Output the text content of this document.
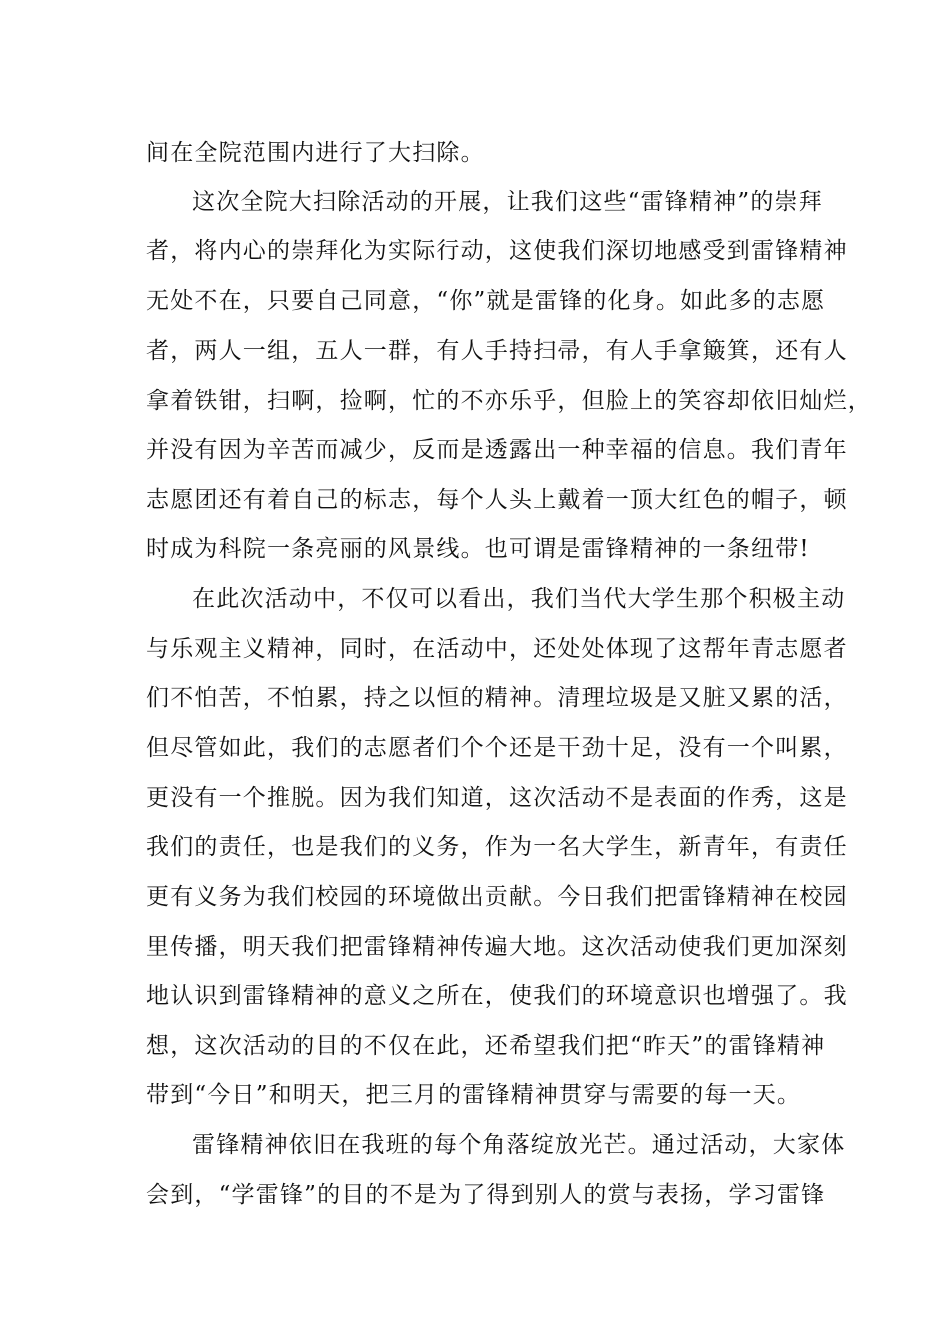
间在全院范围内进行了大扫除。
这次全院大扫除活动的开展，让我们这些“雷锋精神”的崇拜
者，将内心的崇拜化为实际行动，这使我们深切地感受到雷锋精神
无处不在，只要自己同意，“你”就是雷锋的化身。如此多的志愿
者，两人一组，五人一群，有人手持扫帚，有人手拿簸箕，还有人
拿着铁钳，扫啊，捡啊，忙的不亦乐乎，但脸上的笑容却依旧灿烂，
并没有因为辛苦而减少，反而是透露出一种幸福的信息。我们青年
志愿团还有着自己的标志，每个人头上戴着一顶大红色的帽子，顿
时成为科院一条亮丽的风景线。也可谓是雷锋精神的一条纽带!
在此次活动中，不仅可以看出，我们当代大学生那个积极主动
与乐观主义精神，同时，在活动中，还处处体现了这帮年青志愿者
们不怕苦，不怕累，持之以恒的精神。清理垃圾是又脏又累的活，
但尽管如此，我们的志愿者们个个还是干劲十足，没有一个叫累，
更没有一个推脱。因为我们知道，这次活动不是表面的作秀，这是
我们的责任，也是我们的义务，作为一名大学生，新青年，有责任
更有义务为我们校园的环境做出贡献。今日我们把雷锋精神在校园
里传播，明天我们把雷锋精神传遍大地。这次活动使我们更加深刻
地认识到雷锋精神的意义之所在，使我们的环境意识也增强了。我
想，这次活动的目的不仅在此，还希望我们把“昨天”的雷锋精神
带到“今日”和明天，把三月的雷锋精神贯穿与需要的每一天。
雷锋精神依旧在我班的每个角落绽放光芒。通过活动，大家体
会到，“学雷锋”的目的不是为了得到别人的赏与表扬，学习雷锋
